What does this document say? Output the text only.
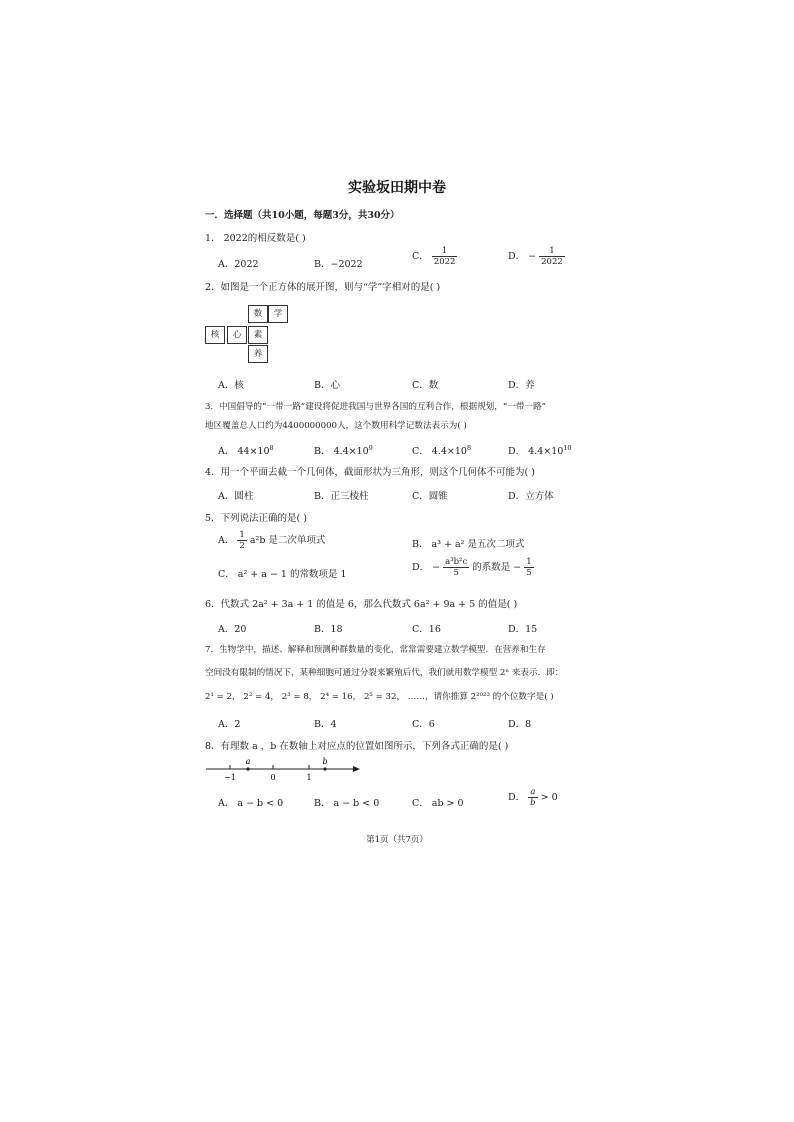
实验坂田期中卷
一．选择题（共10小题，每题3分，共30分）
1． 2022的相反数是( )
A．2022	B．−2022
C． $\frac{1}{2022}$	D． − $\frac{1}{2022}$
2．如图是一个正方体的展开图，则与“学”字相对的是( )
数	学
核	心	素
养
A．核	B．心	C．数	D．养
3．中国倡导的“一带一路”建设将促进我国与世界各国的互利合作，根据规划，“一带一路”
地区覆盖总人口约为4400000000人，这个数用科学记数法表示为( )
A． $44\times 10^8$	B． $4.4\times 10^9$	C． $4.4\times 10^8$	D． $4.4\times 10^{10}$
4．用一个平面去截一个几何体，截面形状为三角形，则这个几何体不可能为( )
A．圆柱	B．正三棱柱	C．圆锥	D．立方体
5．下列说法正确的是( )
A． $\frac{1}{2} a^2b$ 是二次单项式	B． a³ + a² 是五次二项式
C． a² + a − 1 的常数项是 1
D． − $\frac{\text{a³b²c}}{5}$ 的系数是 − $\frac{1}{5}$
6．代数式 2a² + 3a + 1 的值是 6，那么代数式 6a² + 9a + 5 的值是( )
A．20	B．18	C．16	D．15
7．生物学中，描述、解释和预测种群数量的变化，常常需要建立数学模型．在营养和生存
空间没有限制的情况下，某种细胞可通过分裂来繁殖后代，我们就用数学模型 2ⁿ 来表示．即：
2¹ = 2， 2² = 4， 2³ = 8， 2⁴ = 16， 2⁵ = 32， ……，请你推算 2²⁰²³ 的个位数字是( )
A．2	B．4	C．6	D．8
8．有理数 a ，b 在数轴上对应点的位置如图所示，下列各式正确的是( )
a	b
−1	0	1
A． a − b < 0	B． a − b < 0	C． ab > 0
D． $\frac{a}{b} > 0$
第1页（共7页）
